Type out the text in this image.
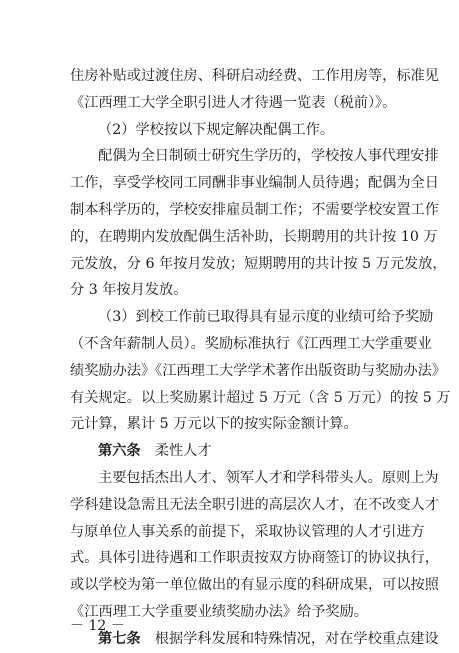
住房补贴或过渡住房、科研启动经费、工作用房等，标准见
《江西理工大学全职引进人才待遇一览表（税前）》。
（2）学校按以下规定解决配偶工作。
配偶为全日制硕士研究生学历的，学校按人事代理安排
工作，享受学校同工同酬非事业编制人员待遇；配偶为全日
制本科学历的，学校安排雇员制工作；不需要学校安置工作
的，在聘期内发放配偶生活补助，长期聘用的共计按 10 万
元发放，分 6 年按月发放；短期聘用的共计按 5 万元发放，
分 3 年按月发放。
（3）到校工作前已取得具有显示度的业绩可给予奖励
（不含年薪制人员）。奖励标准执行《江西理工大学重要业
绩奖励办法》《江西理工大学学术著作出版资助与奖励办法》
有关规定。以上奖励累计超过 5 万元（含 5 万元）的按 5 万
元计算，累计 5 万元以下的按实际金额计算。
第六条　 柔性人才
主要包括杰出人才、领军人才和学科带头人。原则上为
学科建设急需且无法全职引进的高层次人才，在不改变人才
与原单位人事关系的前提下，采取协议管理的人才引进方
式。具体引进待遇和工作职责按双方协商签订的协议执行，
或以学校为第一单位做出的有显示度的科研成果，可以按照
《江西理工大学重要业绩奖励办法》给予奖励。
第七条　 根据学科发展和特殊情况，对在学校重点建设
－ 12 －
